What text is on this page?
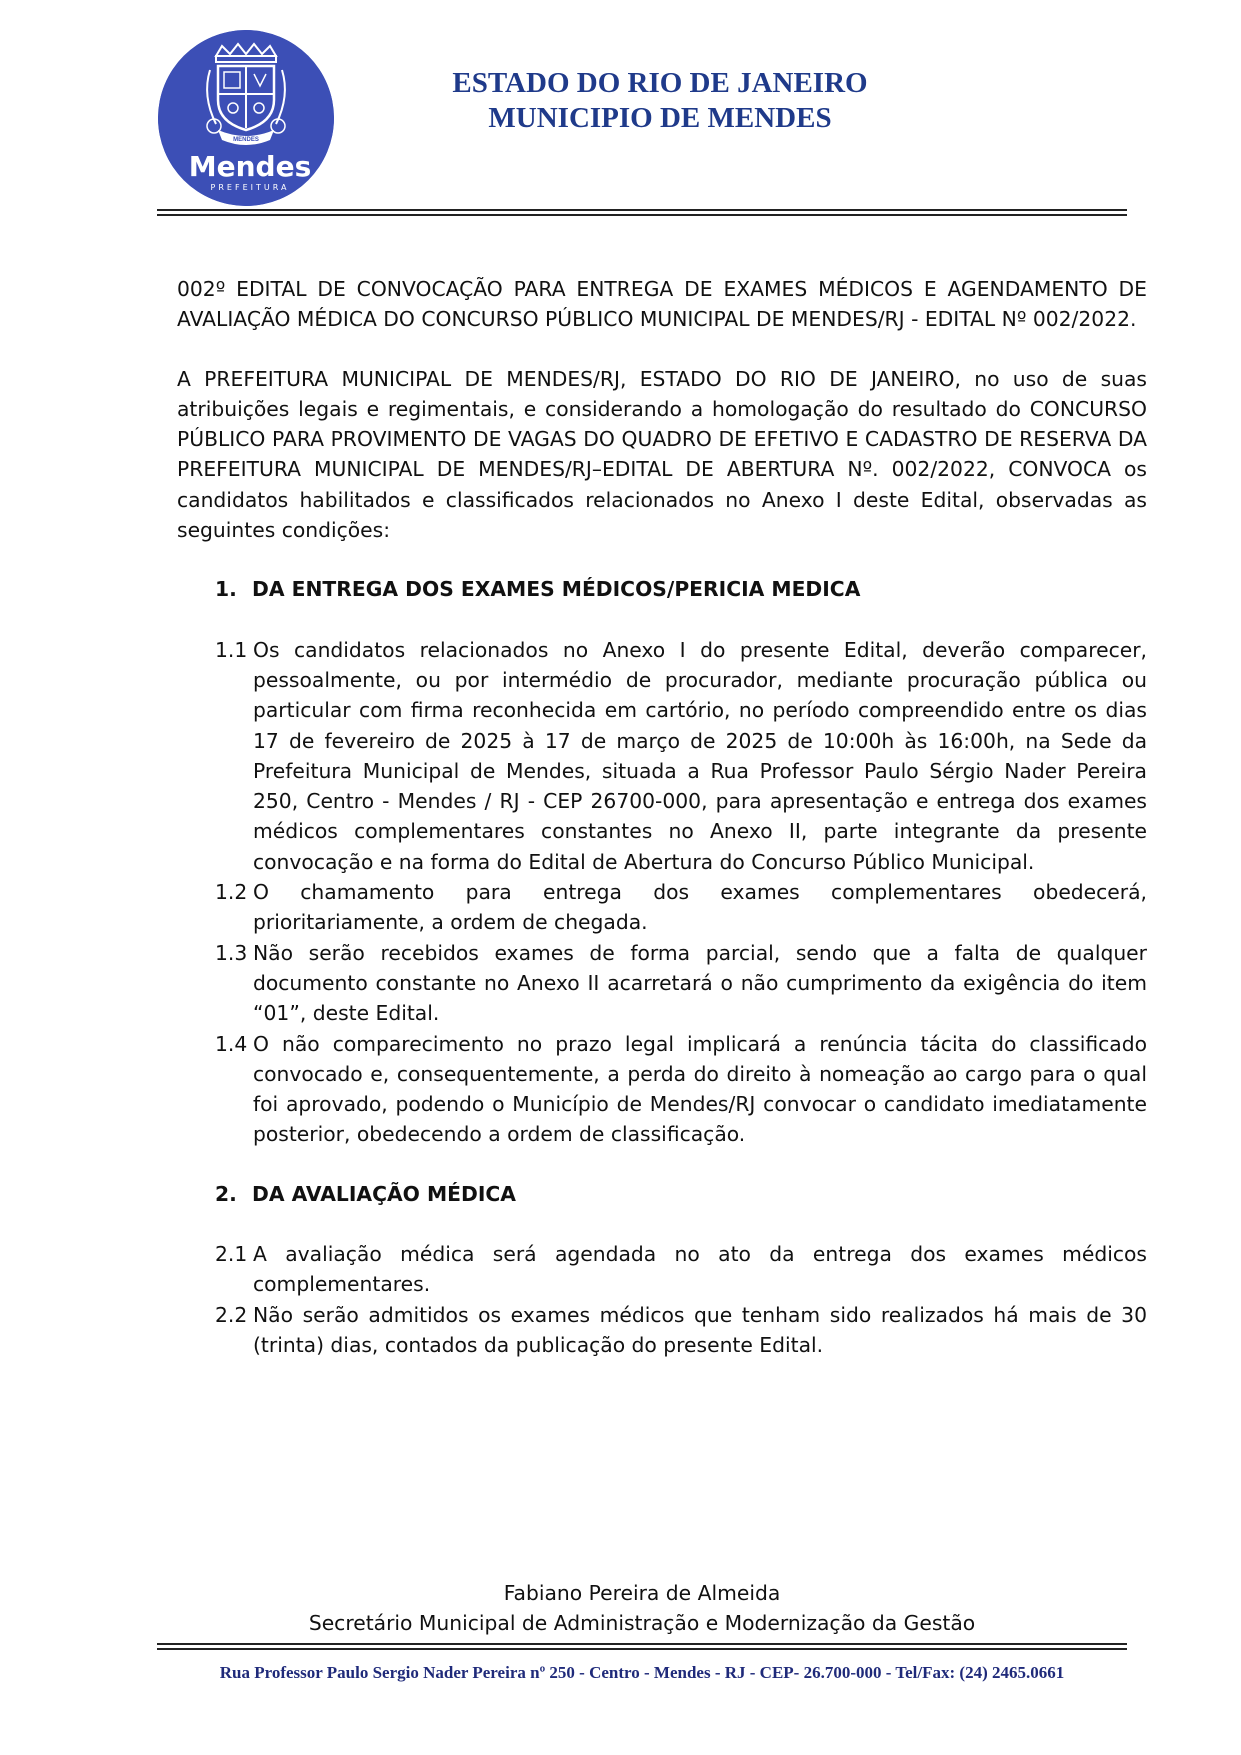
MENDES
Mendes
PREFEITURA
ESTADO DO RIO DE JANEIRO
MUNICIPIO DE MENDES

002º EDITAL DE CONVOCAÇÃO PARA ENTREGA DE EXAMES MÉDICOS E AGENDAMENTO DE AVALIAÇÃO MÉDICA DO CONCURSO PÚBLICO MUNICIPAL DE MENDES/RJ - EDITAL Nº 002/2022.

A PREFEITURA MUNICIPAL DE MENDES/RJ, ESTADO DO RIO DE JANEIRO, no uso de suas atribuições legais e regimentais, e considerando a homologação do resultado do CONCURSO PÚBLICO PARA PROVIMENTO DE VAGAS DO QUADRO DE EFETIVO E CADASTRO DE RESERVA DA PREFEITURA MUNICIPAL DE MENDES/RJ–EDITAL DE ABERTURA Nº. 002/2022, CONVOCA os candidatos habilitados e classificados relacionados no Anexo I deste Edital, observadas as seguintes condições:

1. DA ENTREGA DOS EXAMES MÉDICOS/PERICIA MEDICA
1.1 Os candidatos relacionados no Anexo I do presente Edital, deverão comparecer, pessoalmente, ou por intermédio de procurador, mediante procuração pública ou particular com firma reconhecida em cartório, no período compreendido entre os dias 17 de fevereiro de 2025 à 17 de março de 2025 de 10:00h às 16:00h, na Sede da Prefeitura Municipal de Mendes, situada a Rua Professor Paulo Sérgio Nader Pereira 250, Centro - Mendes / RJ - CEP 26700-000, para apresentação e entrega dos exames médicos complementares constantes no Anexo II, parte integrante da presente convocação e na forma do Edital de Abertura do Concurso Público Municipal.
1.2 O chamamento para entrega dos exames complementares obedecerá, prioritariamente, a ordem de chegada.
1.3 Não serão recebidos exames de forma parcial, sendo que a falta de qualquer documento constante no Anexo II acarretará o não cumprimento da exigência do item “01”, deste Edital.
1.4 O não comparecimento no prazo legal implicará a renúncia tácita do classificado convocado e, consequentemente, a perda do direito à nomeação ao cargo para o qual foi aprovado, podendo o Município de Mendes/RJ convocar o candidato imediatamente posterior, obedecendo a ordem de classificação.
2. DA AVALIAÇÃO MÉDICA
2.1 A avaliação médica será agendada no ato da entrega dos exames médicos complementares.
2.2 Não serão admitidos os exames médicos que tenham sido realizados há mais de 30 (trinta) dias, contados da publicação do presente Edital.
Fabiano Pereira de Almeida
Secretário Municipal de Administração e Modernização da Gestão
Rua Professor Paulo Sergio Nader Pereira nº 250 - Centro - Mendes - RJ - CEP- 26.700-000 - Tel/Fax: (24) 2465.0661
